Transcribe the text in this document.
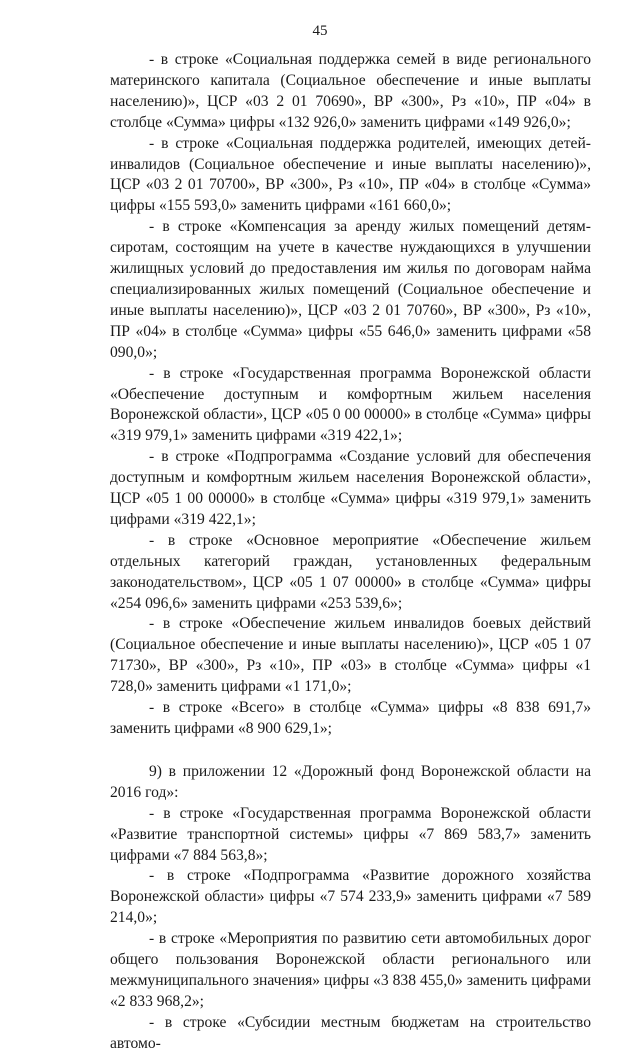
45

- в строке «Социальная поддержка семей в виде регионального материнского капитала (Социальное обеспечение и иные выплаты населению)», ЦСР «03 2 01 70690», ВР «300», Рз «10», ПР «04» в столбце «Сумма» цифры «132 926,0» заменить цифрами «149 926,0»;

- в строке «Социальная поддержка родителей, имеющих детей-инвалидов (Социальное обеспечение и иные выплаты населению)», ЦСР «03 2 01 70700», ВР «300», Рз «10», ПР «04» в столбце «Сумма» цифры «155 593,0» заменить цифрами «161 660,0»;

- в строке «Компенсация за аренду жилых помещений детям-сиротам, состоящим на учете в качестве нуждающихся в улучшении жилищных условий до предоставления им жилья по договорам найма специализированных жилых помещений (Социальное обеспечение и иные выплаты населению)», ЦСР «03 2 01 70760», ВР «300», Рз «10», ПР «04» в столбце «Сумма» цифры «55 646,0» заменить цифрами «58 090,0»;

- в строке «Государственная программа Воронежской области «Обеспечение доступным и комфортным жильем населения Воронежской области», ЦСР «05 0 00 00000» в столбце «Сумма» цифры «319 979,1» заменить цифрами «319 422,1»;

- в строке «Подпрограмма «Создание условий для обеспечения доступным и комфортным жильем населения Воронежской области», ЦСР «05 1 00 00000» в столбце «Сумма» цифры «319 979,1» заменить цифрами «319 422,1»;

- в строке «Основное мероприятие «Обеспечение жильем отдельных категорий граждан, установленных федеральным законодательством», ЦСР «05 1 07 00000» в столбце «Сумма» цифры «254 096,6» заменить цифрами «253 539,6»;

- в строке «Обеспечение жильем инвалидов боевых действий (Социальное обеспечение и иные выплаты населению)», ЦСР «05 1 07 71730», ВР «300», Рз «10», ПР «03» в столбце «Сумма» цифры «1 728,0» заменить цифрами «1 171,0»;

- в строке «Всего» в столбце «Сумма» цифры «8 838 691,7» заменить цифрами «8 900 629,1»;

9) в приложении 12 «Дорожный фонд Воронежской области на 2016 год»:

- в строке «Государственная программа Воронежской области «Развитие транспортной системы» цифры «7 869 583,7» заменить цифрами «7 884 563,8»;

- в строке «Подпрограмма «Развитие дорожного хозяйства Воронежской области» цифры «7 574 233,9» заменить цифрами «7 589 214,0»;

- в строке «Мероприятия по развитию сети автомобильных дорог общего пользования Воронежской области регионального или межмуниципального значения» цифры «3 838 455,0» заменить цифрами «2 833 968,2»;

- в строке «Субсидии местным бюджетам на строительство автомо-
